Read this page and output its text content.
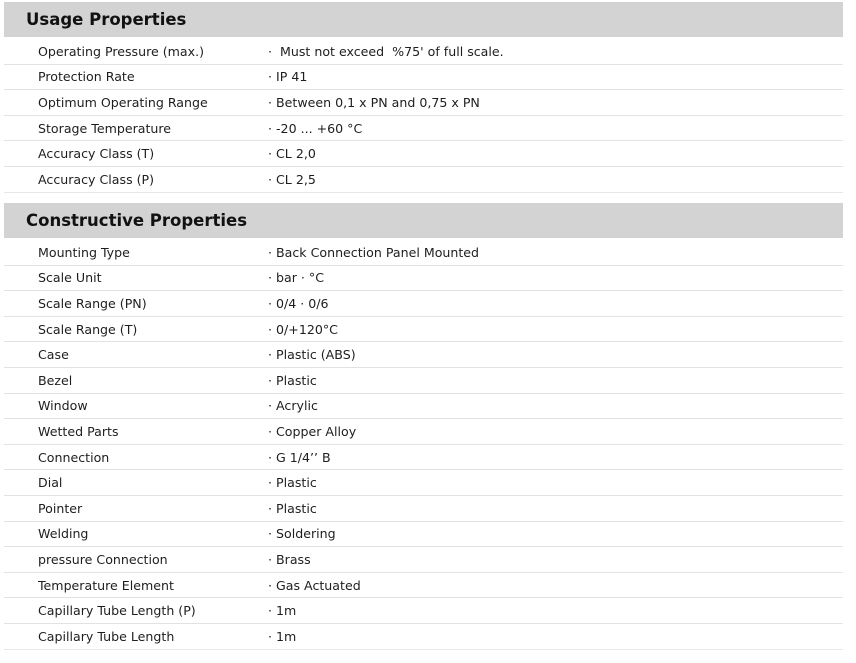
Usage Properties
Operating Pressure (max.)	·  Must not exceed  %75' of full scale.
Protection Rate	· IP 41
Optimum Operating Range	· Between 0,1 x PN and 0,75 x PN
Storage Temperature	· -20 ... +60 °C
Accuracy Class (T)	· CL 2,0
Accuracy Class (P)	· CL 2,5
Constructive Properties
Mounting Type	· Back Connection Panel Mounted
Scale Unit	· bar · °C
Scale Range (PN)	· 0/4 · 0/6
Scale Range (T)	· 0/+120°C
Case	· Plastic (ABS)
Bezel	· Plastic
Window	· Acrylic
Wetted Parts	· Copper Alloy
Connection	· G 1/4’’ B
Dial	· Plastic
Pointer	· Plastic
Welding	· Soldering
pressure Connection	· Brass
Temperature Element	· Gas Actuated
Capillary Tube Length (P)	· 1m
Capillary Tube Length	· 1m
